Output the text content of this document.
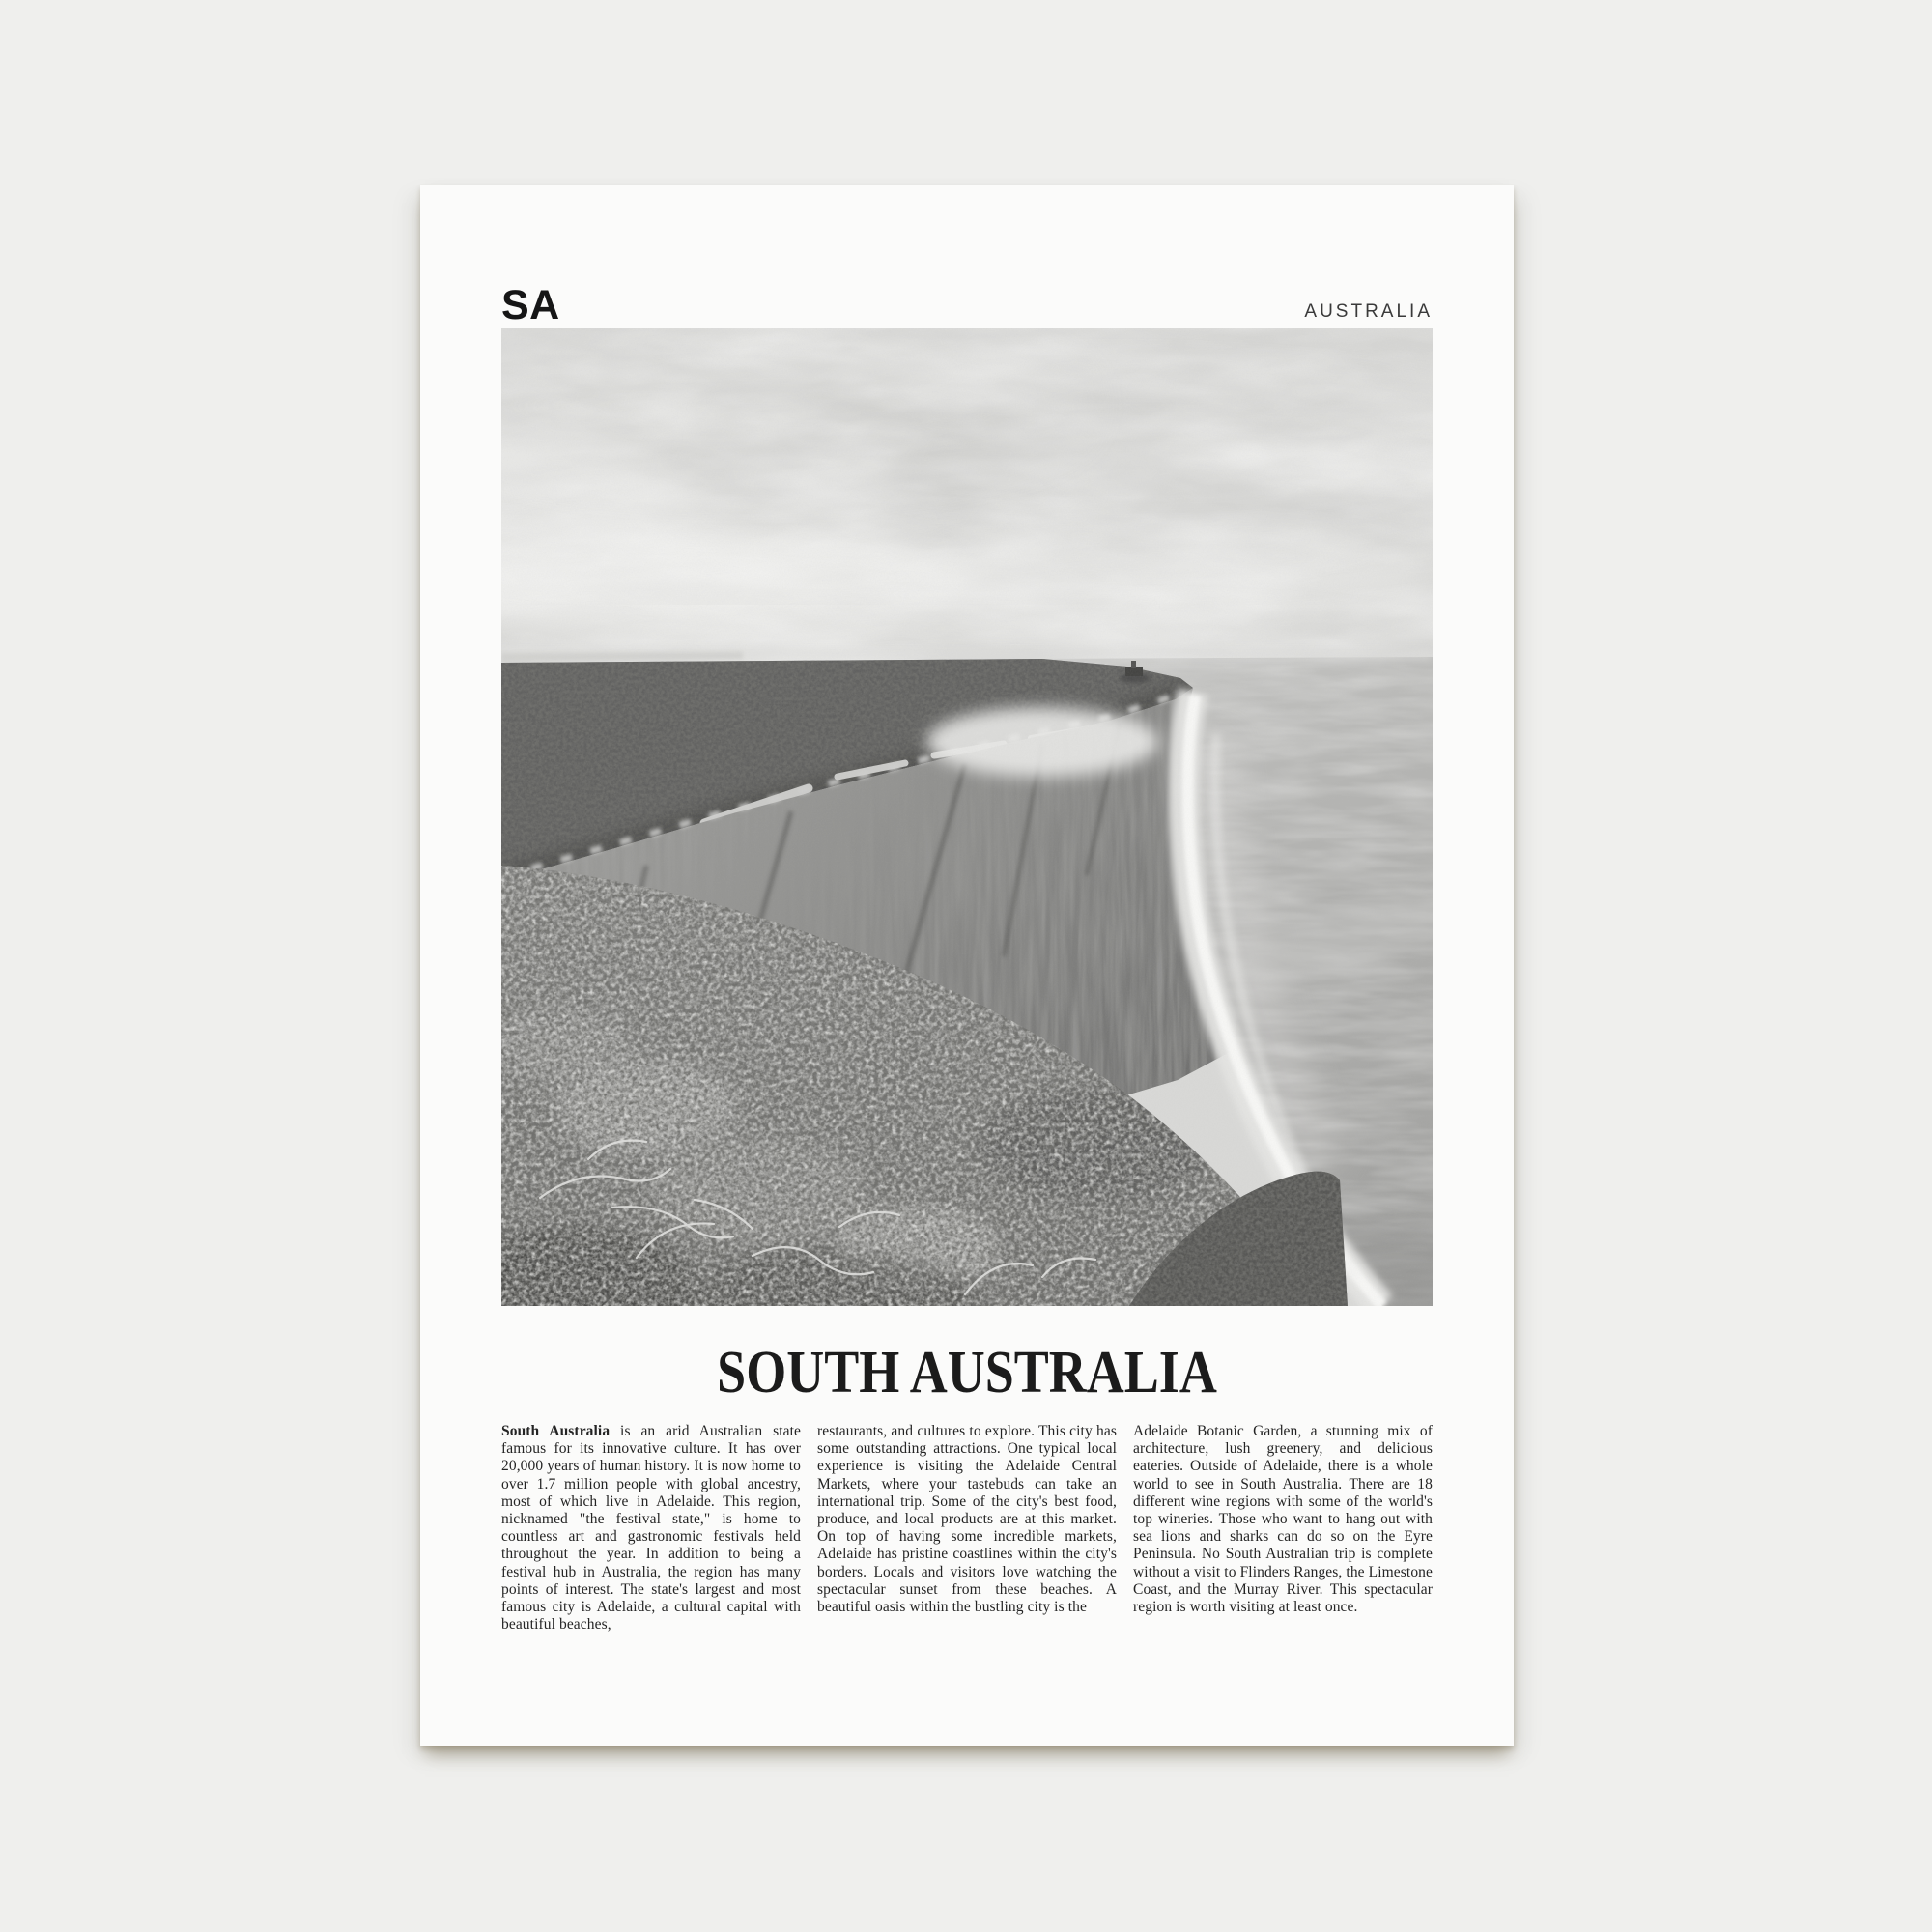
SA	AUSTRALIA
SOUTH AUSTRALIA

South Australia is an arid Australian state famous for its innovative culture. It has over 20,000 years of human history. It is now home to over 1.7 million people with global ancestry, most of which live in Adelaide. This region, nicknamed "the festival state," is home to countless art and gastronomic festivals held throughout the year. In addition to being a festival hub in Australia, the region has many points of interest. The state's largest and most famous city is Adelaide, a cultural capital with beautiful beaches,

restaurants, and cultures to explore. This city has some outstanding attractions. One typical local experience is visiting the Adelaide Central Markets, where your tastebuds can take an international trip. Some of the city's best food, produce, and local products are at this market. On top of having some incredible markets, Adelaide has pristine coastlines within the city's borders. Locals and visitors love watching the spectacular sunset from these beaches. A beautiful oasis within the bustling city is the

Adelaide Botanic Garden, a stunning mix of architecture, lush greenery, and delicious eateries. Outside of Adelaide, there is a whole world to see in South Australia. There are 18 different wine regions with some of the world's top wineries. Those who want to hang out with sea lions and sharks can do so on the Eyre Peninsula. No South Australian trip is complete without a visit to Flinders Ranges, the Limestone Coast, and the Murray River. This spectacular region is worth visiting at least once.
